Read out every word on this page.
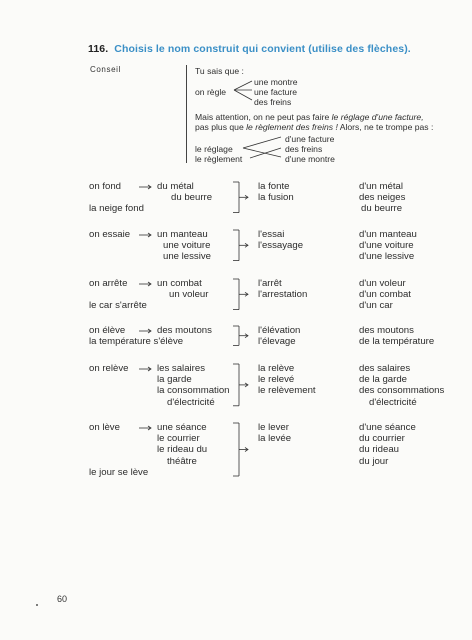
116. Choisis le nom construit qui convient (utilise des flèches).
Conseil	Tu sais que :
on règle
une montre
une facture
des freins
Mais attention, on ne peut pas faire le réglage d'une facture,
pas plus que le règlement des freins ! Alors, ne te trompe pas :
le réglage
le règlement
d'une facture
des freins
d'une montre
on fond
la neige fond
du métal
du beurre
la fonte
la fusion
d'un métal
des neiges
du beurre
on essaie	un manteau
une voiture
une lessive
l'essai
l'essayage
d'un manteau
d'une voiture
d'une lessive
on arrête
le car s'arrête
un combat
un voleur
l'arrêt
l'arrestation
d'un voleur
d'un combat
d'un car
on élève
la température s'élève
des moutons	l'élévation
l'élevage
des moutons
de la température
on relève	les salaires
la garde
la consommation
d'électricité
la relève
le relevé
le relèvement
des salaires
de la garde
des consommations
d'électricité
on lève
le jour se lève
une séance
le courrier
le rideau du
théâtre
le lever
la levée
d'une séance
du courrier
du rideau
du jour
60
